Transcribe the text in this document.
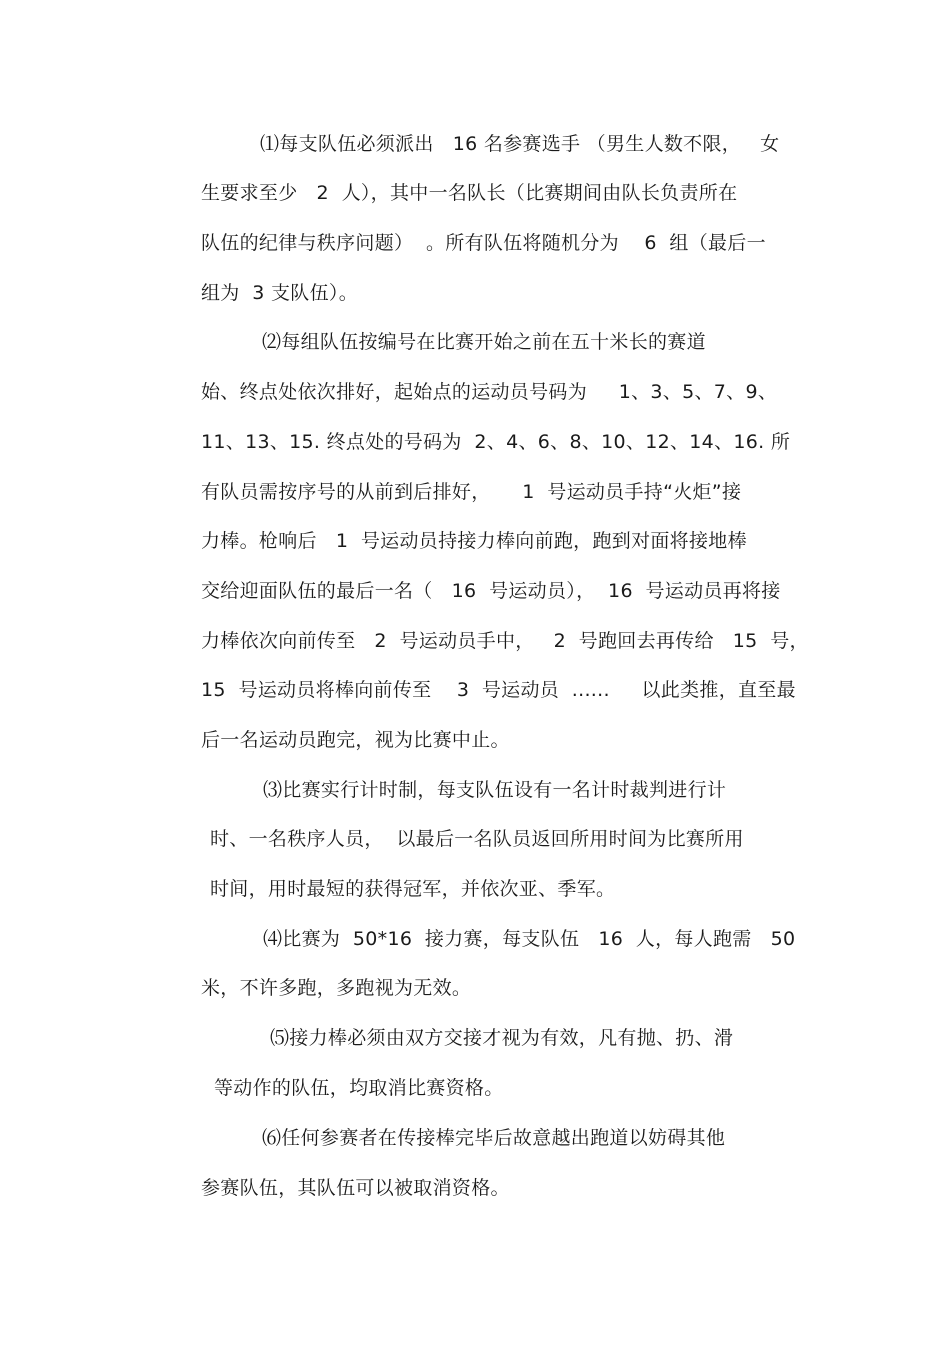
⑴每支队伍必须派出   16 名参赛选手 （男生人数不限，   女
生要求至少   2  人），其中一名队长（比赛期间由队长负责所在
队伍的纪律与秩序问题）  。所有队伍将随机分为    6  组（最后一
组为  3 支队伍）。
⑵每组队伍按编号在比赛开始之前在五十米长的赛道
始、终点处依次排好，起始点的运动员号码为     1、3、5、7、9、
11、13、15. 终点处的号码为  2、4、6、8、10、12、14、16. 所
有队员需按序号的从前到后排好，     1  号运动员手持“火炬”接
力棒。枪响后   1  号运动员持接力棒向前跑，跑到对面将接地棒
交给迎面队伍的最后一名（   16  号运动员），  16  号运动员再将接
力棒依次向前传至   2  号运动员手中，   2  号跑回去再传给   15  号，
15  号运动员将棒向前传至    3  号运动员  ......     以此类推，直至最
后一名运动员跑完，视为比赛中止。
⑶比赛实行计时制，每支队伍设有一名计时裁判进行计
时、一名秩序人员，  以最后一名队员返回所用时间为比赛所用
时间，用时最短的获得冠军，并依次亚、季军。
⑷比赛为  50*16  接力赛，每支队伍   16  人，每人跑需   50
米，不许多跑，多跑视为无效。
⑸接力棒必须由双方交接才视为有效，凡有抛、扔、滑
等动作的队伍，均取消比赛资格。
⑹任何参赛者在传接棒完毕后故意越出跑道以妨碍其他
参赛队伍，其队伍可以被取消资格。
